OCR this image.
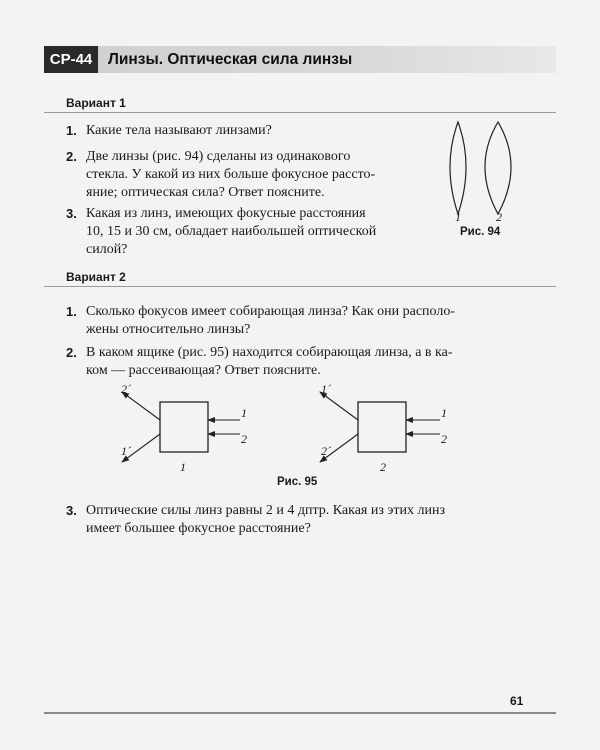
СР-44	Линзы. Оптическая сила линзы
Вариант 1
1. Какие тела называют линзами?
2. Две линзы (рис. 94) сделаны из одинакового
стекла. У какой из них больше фокусное рассто-
яние; оптическая сила? Ответ поясните.
3. Какая из линз, имеющих фокусные расстояния
10, 15 и 30 см, обладает наибольшей оптической
силой?
1	2
Рис. 94
Вариант 2
1. Сколько фокусов имеет собирающая линза? Как они располо-
жены относительно линзы?
2. В каком ящике (рис. 95) находится собирающая линза, а в ка-
ком — рассеивающая? Ответ поясните.
2´
1´
1
2
1
1´
2´
1
2
2
Рис. 95
3. Оптические силы линз равны 2 и 4 дптр. Какая из этих линз
имеет большее фокусное расстояние?
61
